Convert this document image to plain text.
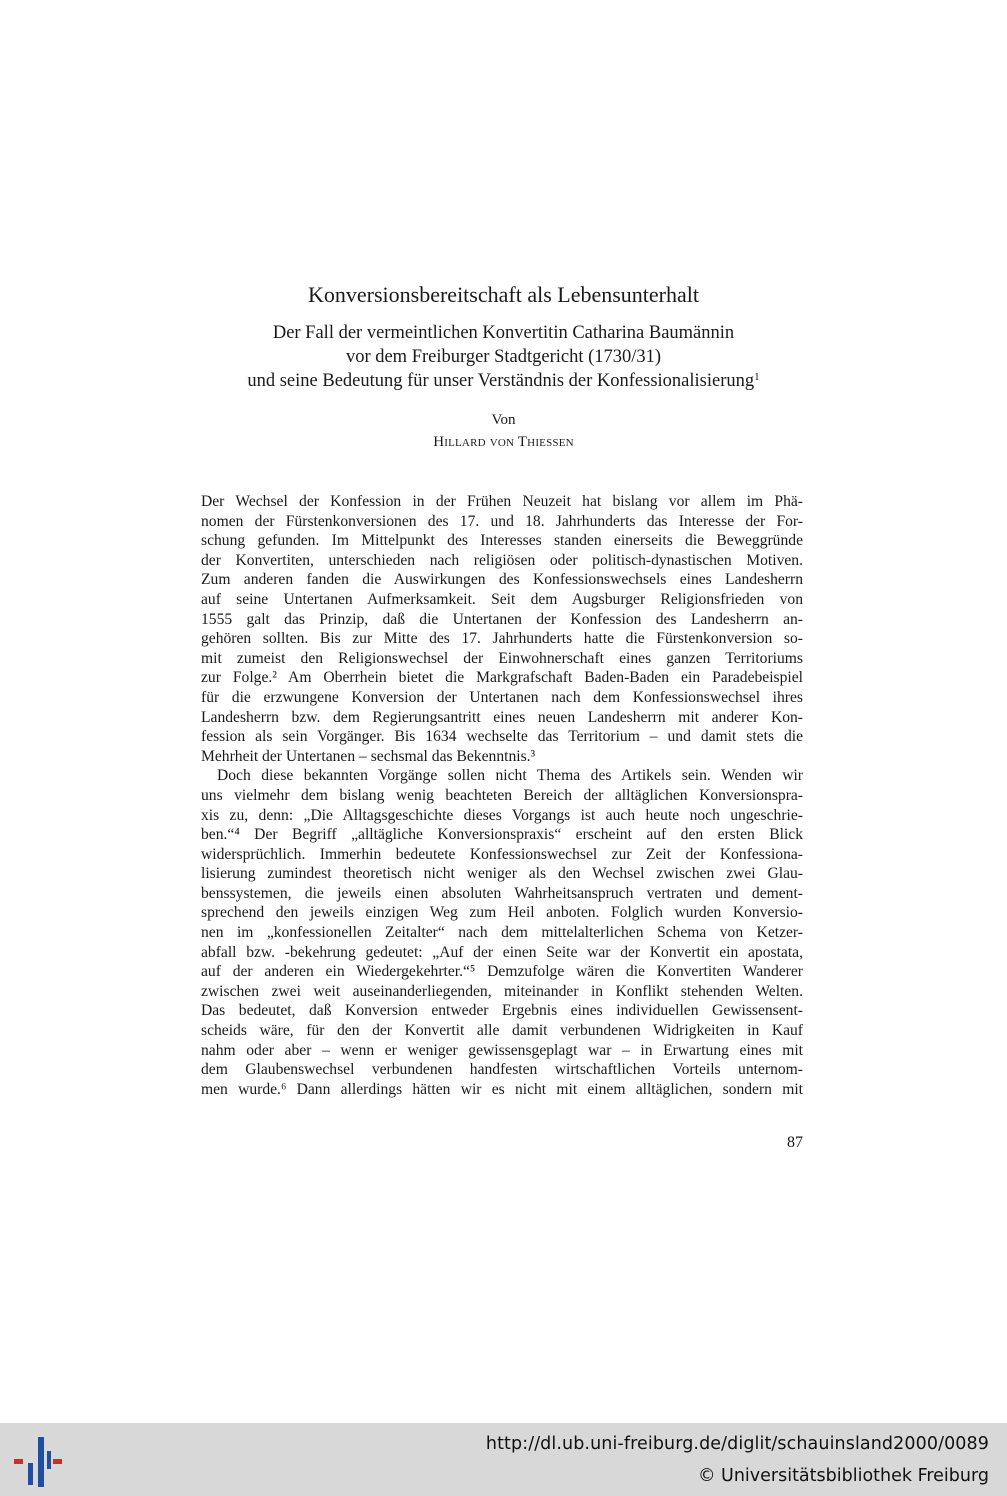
Konversionsbereitschaft als Lebensunterhalt
Der Fall der vermeintlichen Konvertitin Catharina Baumännin
vor dem Freiburger Stadtgericht (1730/31)
und seine Bedeutung für unser Verständnis der Konfessionalisierung$^1$
Von
Hillard von Thiessen
Der Wechsel der Konfession in der Frühen Neuzeit hat bislang vor allem im Phä-
nomen der Fürstenkonversionen des 17. und 18. Jahrhunderts das Interesse der For-
schung gefunden. Im Mittelpunkt des Interesses standen einerseits die Beweggründe
der Konvertiten, unterschieden nach religiösen oder politisch-dynastischen Motiven.
Zum anderen fanden die Auswirkungen des Konfessionswechsels eines Landesherrn
auf seine Untertanen Aufmerksamkeit. Seit dem Augsburger Religionsfrieden von
1555 galt das Prinzip, daß die Untertanen der Konfession des Landesherrn an-
gehören sollten. Bis zur Mitte des 17. Jahrhunderts hatte die Fürstenkonversion so-
mit zumeist den Religionswechsel der Einwohnerschaft eines ganzen Territoriums
zur Folge.² Am Oberrhein bietet die Markgrafschaft Baden-Baden ein Paradebeispiel
für die erzwungene Konversion der Untertanen nach dem Konfessionswechsel ihres
Landesherrn bzw. dem Regierungsantritt eines neuen Landesherrn mit anderer Kon-
fession als sein Vorgänger. Bis 1634 wechselte das Territorium – und damit stets die
Mehrheit der Untertanen – sechsmal das Bekenntnis.³
Doch diese bekannten Vorgänge sollen nicht Thema des Artikels sein. Wenden wir
uns vielmehr dem bislang wenig beachteten Bereich der alltäglichen Konversionspra-
xis zu, denn: „Die Alltagsgeschichte dieses Vorgangs ist auch heute noch ungeschrie-
ben.“⁴ Der Begriff „alltägliche Konversionspraxis“ erscheint auf den ersten Blick
widersprüchlich. Immerhin bedeutete Konfessionswechsel zur Zeit der Konfessiona-
lisierung zumindest theoretisch nicht weniger als den Wechsel zwischen zwei Glau-
benssystemen, die jeweils einen absoluten Wahrheitsanspruch vertraten und dement-
sprechend den jeweils einzigen Weg zum Heil anboten. Folglich wurden Konversio-
nen im „konfessionellen Zeitalter“ nach dem mittelalterlichen Schema von Ketzer-
abfall bzw. -bekehrung gedeutet: „Auf der einen Seite war der Konvertit ein apostata,
auf der anderen ein Wiedergekehrter.“⁵ Demzufolge wären die Konvertiten Wanderer
zwischen zwei weit auseinanderliegenden, miteinander in Konflikt stehenden Welten.
Das bedeutet, daß Konversion entweder Ergebnis eines individuellen Gewissensent-
scheids wäre, für den der Konvertit alle damit verbundenen Widrigkeiten in Kauf
nahm oder aber – wenn er weniger gewissensgeplagt war – in Erwartung eines mit
dem Glaubenswechsel verbundenen handfesten wirtschaftlichen Vorteils unternom-
men wurde.⁶ Dann allerdings hätten wir es nicht mit einem alltäglichen, sondern mit
87
http://dl.ub.uni-freiburg.de/diglit/schauinsland2000/0089
© Universitätsbibliothek Freiburg
